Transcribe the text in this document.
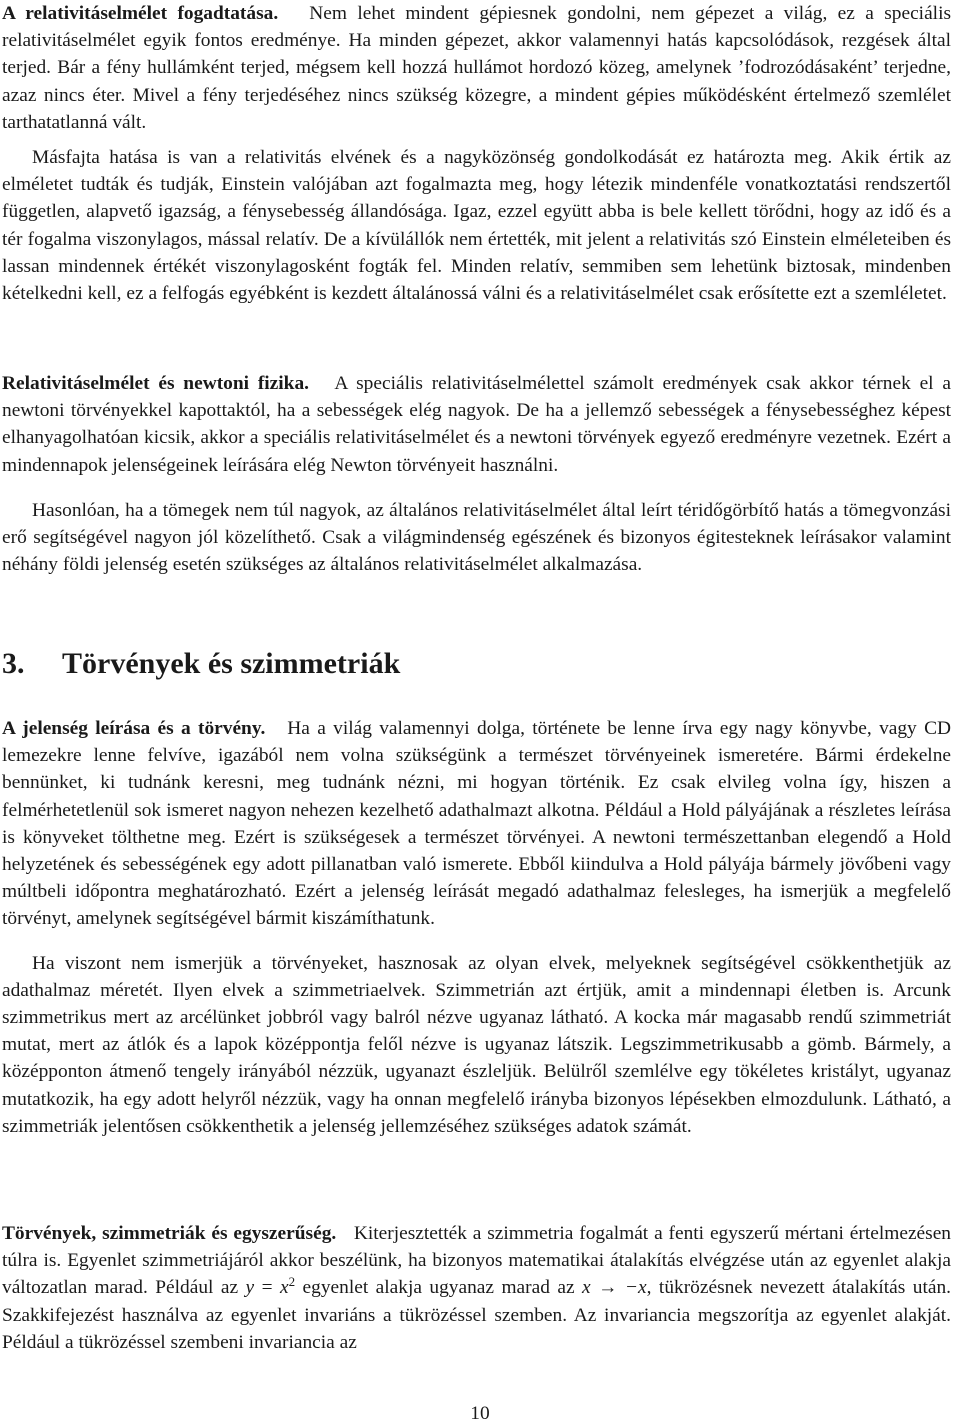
A relativitáselmélet fogadtatása. Nem lehet mindent gépiesnek gondolni, nem gépezet a világ, ez a speciális relativitáselmélet egyik fontos eredménye. Ha minden gépezet, akkor valamennyi hatás kapcsolódások, rezgések által terjed. Bár a fény hullámként terjed, mégsem kell hozzá hullámot hordozó közeg, amelynek ’fodrozódásaként’ terjedne, azaz nincs éter. Mivel a fény terjedéséhez nincs szükség közegre, a mindent gépies működésként értelmező szemlélet tarthatatlanná vált.

Másfajta hatása is van a relativitás elvének és a nagyközönség gondolkodását ez határozta meg. Akik értik az elméletet tudták és tudják, Einstein valójában azt fogalmazta meg, hogy létezik mindenféle vonatkoztatási rendszertől független, alapvető igazság, a fénysebesség állandósága. Igaz, ezzel együtt abba is bele kellett törődni, hogy az idő és a tér fogalma viszonylagos, mással relatív. De a kívülállók nem értették, mit jelent a relativitás szó Einstein elméleteiben és lassan mindennek értékét viszonylagosként fogták fel. Minden relatív, semmiben sem lehetünk biztosak, mindenben kételkedni kell, ez a felfogás egyébként is kezdett általánossá válni és a relativitáselmélet csak erősítette ezt a szemléletet.

Relativitáselmélet és newtoni fizika. A speciális relativitáselmélettel számolt eredmények csak akkor térnek el a newtoni törvényekkel kapottaktól, ha a sebességek elég nagyok. De ha a jellemző sebességek a fénysebességhez képest elhanyagolhatóan kicsik, akkor a speciális relativitáselmélet és a newtoni törvények egyező eredményre vezetnek. Ezért a mindennapok jelenségeinek leírására elég Newton törvényeit használni.

Hasonlóan, ha a tömegek nem túl nagyok, az általános relativitáselmélet által leírt téridőgörbítő hatás a tömegvonzási erő segítségével nagyon jól közelíthető. Csak a világmindenség egészének és bizonyos égitesteknek leírásakor valamint néhány földi jelenség esetén szükséges az általános relativitáselmélet alkalmazása.

3. Törvények és szimmetriák

A jelenség leírása és a törvény. Ha a világ valamennyi dolga, története be lenne írva egy nagy könyvbe, vagy CD lemezekre lenne felvíve, igazából nem volna szükségünk a természet törvényeinek ismeretére. Bármi érdekelne bennünket, ki tudnánk keresni, meg tudnánk nézni, mi hogyan történik. Ez csak elvileg volna így, hiszen a felmérhetetlenül sok ismeret nagyon nehezen kezelhető adathalmazt alkotna. Például a Hold pályájának a részletes leírása is könyveket tölthetne meg. Ezért is szükségesek a természet törvényei. A newtoni természettanban elegendő a Hold helyzetének és sebességének egy adott pillanatban való ismerete. Ebből kiindulva a Hold pályája bármely jövőbeni vagy múltbeli időpontra meghatározható. Ezért a jelenség leírását megadó adathalmaz felesleges, ha ismerjük a megfelelő törvényt, amelynek segítségével bármit kiszámíthatunk.

Ha viszont nem ismerjük a törvényeket, hasznosak az olyan elvek, melyeknek segítségével csökkenthetjük az adathalmaz méretét. Ilyen elvek a szimmetriaelvek. Szimmetrián azt értjük, amit a mindennapi életben is. Arcunk szimmetrikus mert az arcélünket jobbról vagy balról nézve ugyanaz látható. A kocka már magasabb rendű szimmetriát mutat, mert az átlók és a lapok középpontja felől nézve is ugyanaz látszik. Legszimmetrikusabb a gömb. Bármely, a középponton átmenő tengely irányából nézzük, ugyanazt észleljük. Belülről szemlélve egy tökéletes kristályt, ugyanaz mutatkozik, ha egy adott helyről nézzük, vagy ha onnan megfelelő irányba bizonyos lépésekben elmozdulunk. Látható, a szimmetriák jelentősen csökkenthetik a jelenség jellemzéséhez szükséges adatok számát.

Törvények, szimmetriák és egyszerűség. Kiterjesztették a szimmetria fogalmát a fenti egyszerű mértani értelmezésen túlra is. Egyenlet szimmetriájáról akkor beszélünk, ha bizonyos matematikai átalakítás elvégzése után az egyenlet alakja változatlan marad. Például az $y = x^2$ egyenlet alakja ugyanaz marad az x → −x, tükrözésnek nevezett átalakítás után. Szakkifejezést használva az egyenlet invariáns a tükrözéssel szemben. Az invariancia megszorítja az egyenlet alakját. Például a tükrözéssel szembeni invariancia az

10
